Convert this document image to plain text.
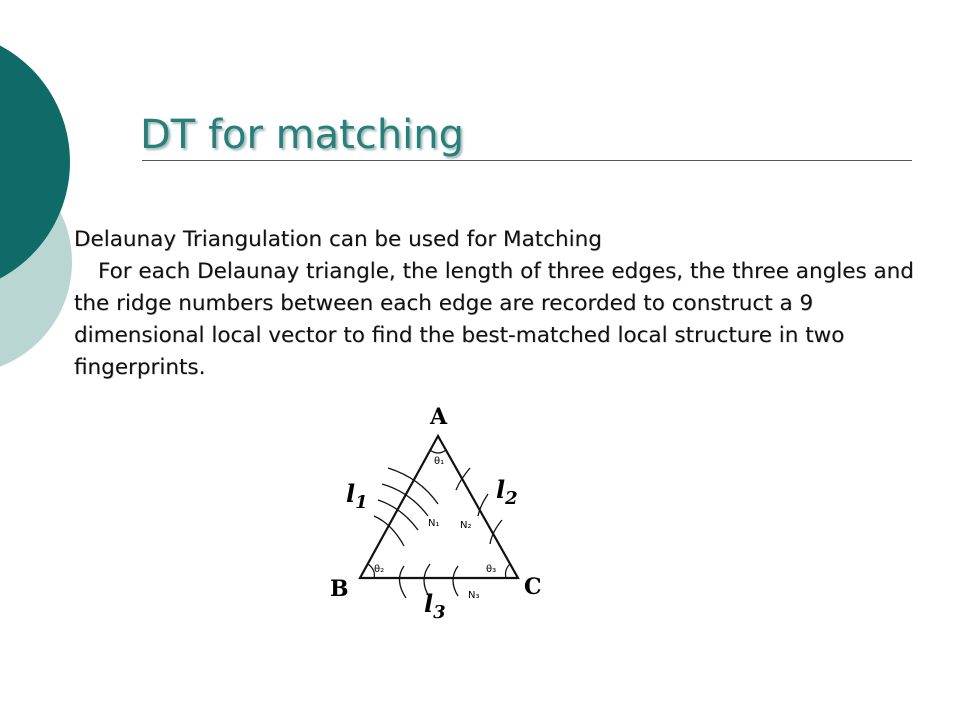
DT for matching

Delaunay Triangulation can be used for Matching

For each Delaunay triangle, the length of three edges, the three angles and the ridge numbers between each edge are recorded to construct a 9 dimensional local vector to find the best-matched local structure in two fingerprints.

A
B	C
$l_1$	$l_2$
$l_3$
θ₁
θ₂	θ₃
N₁ N₂
N₃
